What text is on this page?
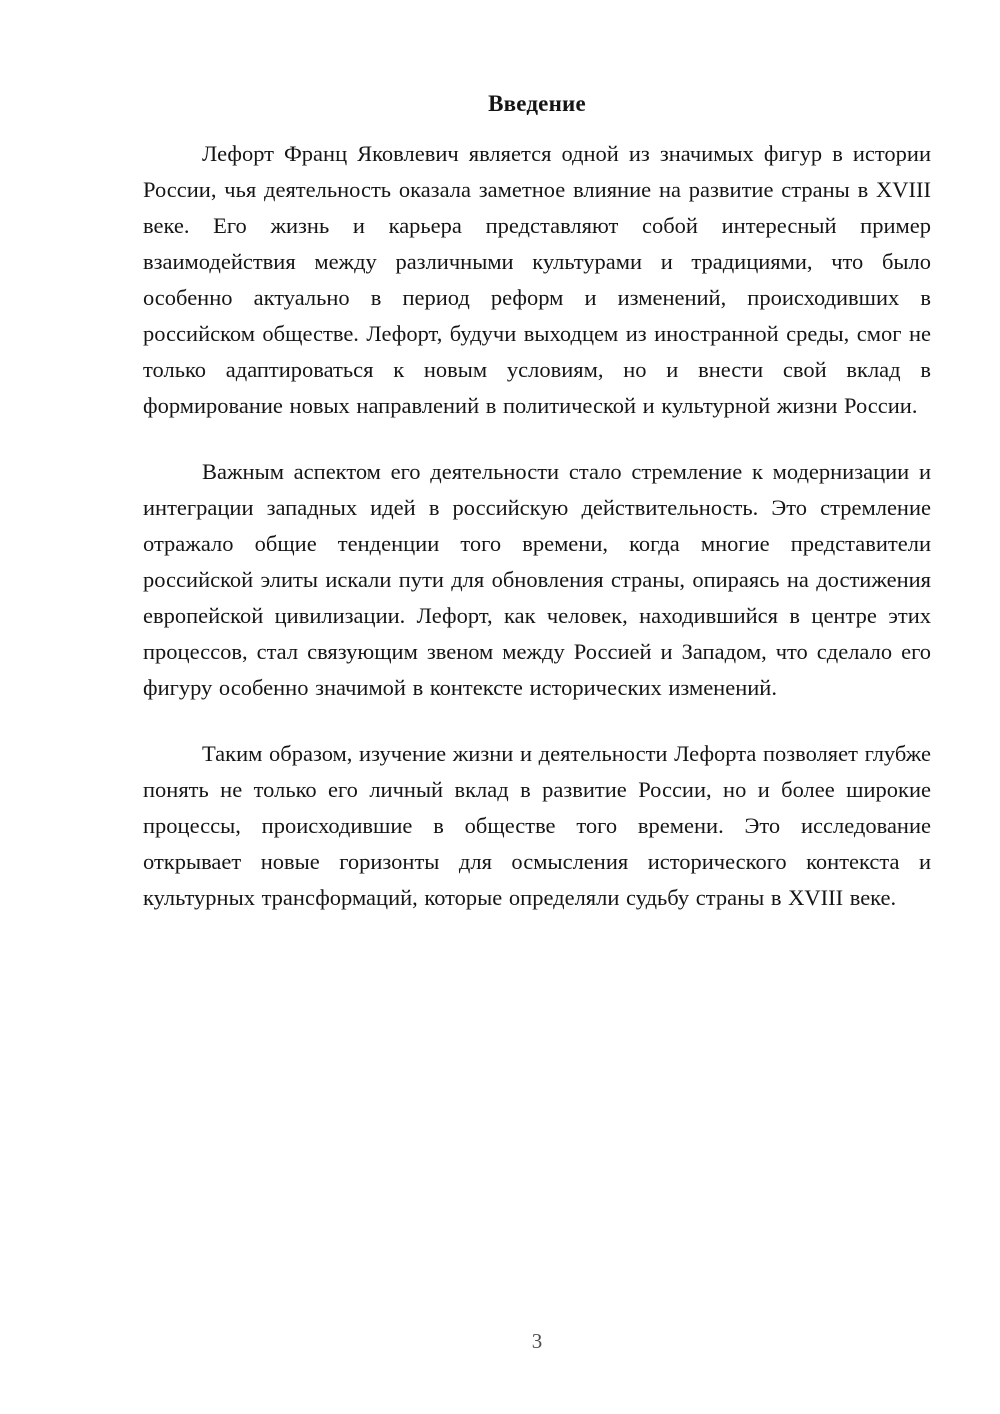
Введение

Лефорт Франц Яковлевич является одной из значимых фигур в истории России, чья деятельность оказала заметное влияние на развитие страны в XVIII веке. Его жизнь и карьера представляют собой интересный пример взаимодействия между различными культурами и традициями, что было особенно актуально в период реформ и изменений, происходивших в российском обществе. Лефорт, будучи выходцем из иностранной среды, смог не только адаптироваться к новым условиям, но и внести свой вклад в формирование новых направлений в политической и культурной жизни России.

Важным аспектом его деятельности стало стремление к модернизации и интеграции западных идей в российскую действительность. Это стремление отражало общие тенденции того времени, когда многие представители российской элиты искали пути для обновления страны, опираясь на достижения европейской цивилизации. Лефорт, как человек, находившийся в центре этих процессов, стал связующим звеном между Россией и Западом, что сделало его фигуру особенно значимой в контексте исторических изменений.

Таким образом, изучение жизни и деятельности Лефорта позволяет глубже понять не только его личный вклад в развитие России, но и более широкие процессы, происходившие в обществе того времени. Это исследование открывает новые горизонты для осмысления исторического контекста и культурных трансформаций, которые определяли судьбу страны в XVIII веке.

3
